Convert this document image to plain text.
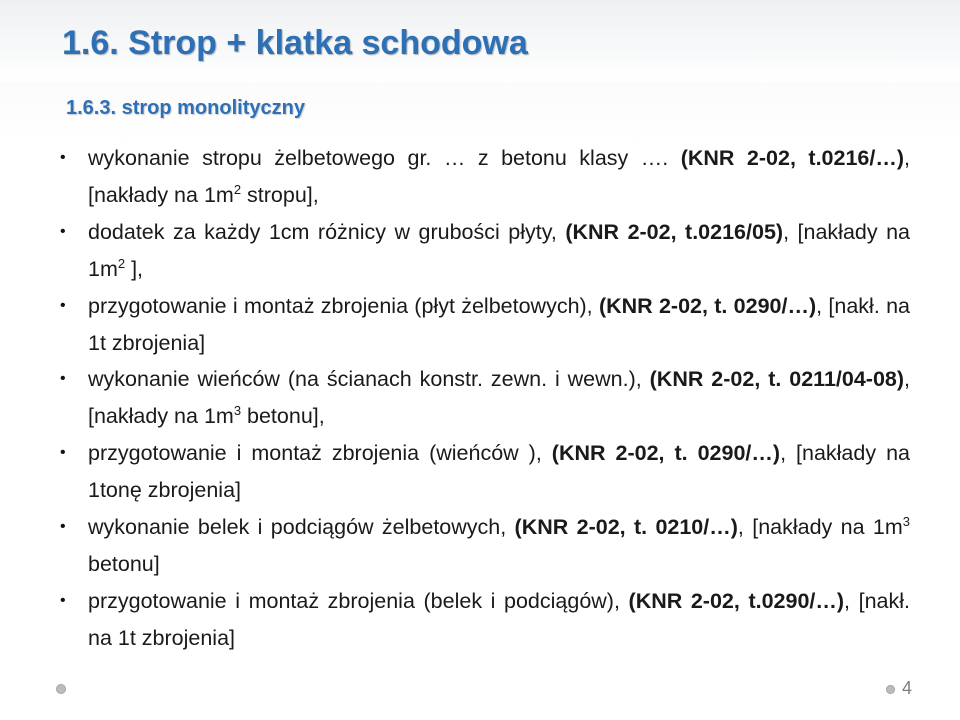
1.6. Strop + klatka schodowa
1.6.3. strop monolityczny
•	wykonanie stropu żelbetowego gr. … z betonu klasy …. (KNR 2-02, t.0216/…), [nakłady na $1m^2$ stropu],
•	dodatek za każdy 1cm różnicy w grubości płyty, (KNR 2-02, t.0216/05), [nakłady na $1m^2$ ],
•	przygotowanie i montaż zbrojenia (płyt żelbetowych), (KNR 2-02, t. 0290/…), [nakł. na 1t zbrojenia]
•	wykonanie wieńców (na ścianach konstr. zewn. i wewn.), (KNR 2-02, t. 0211/04-08), [nakłady na $1m^3$ betonu],
•	przygotowanie i montaż zbrojenia (wieńców ), (KNR 2-02, t. 0290/…), [nakłady na 1tonę zbrojenia]
•	wykonanie belek i podciągów żelbetowych, (KNR 2-02, t. 0210/…), [nakłady na $1m^3$ betonu]
•	przygotowanie i montaż zbrojenia (belek i podciągów), (KNR 2-02, t.0290/…), [nakł. na 1t zbrojenia]
4
